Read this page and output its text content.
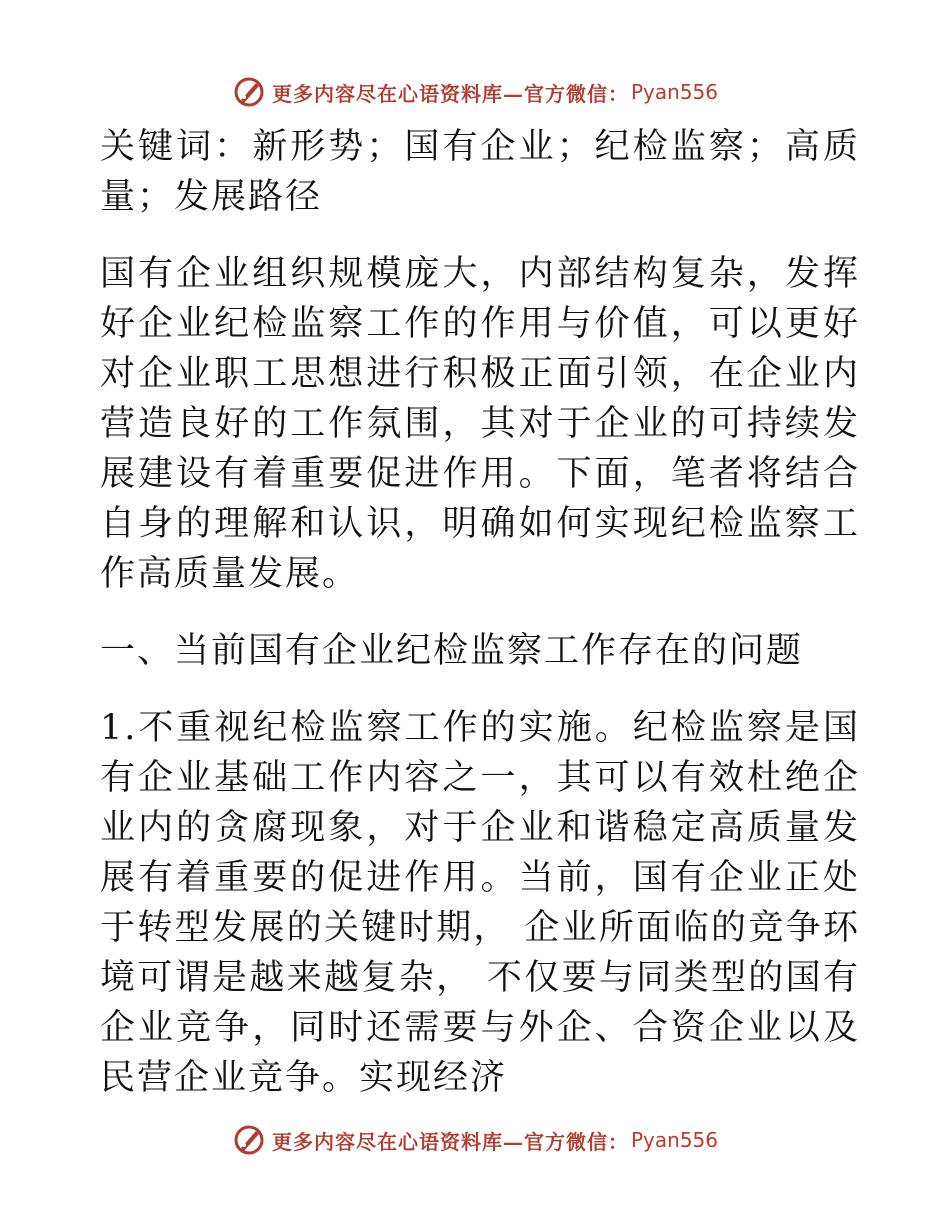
更多内容尽在心语资料库—官方微信： Pyan556

关键词：新形势；国有企业；纪检监察；高质量；发展路径

国有企业组织规模庞大，内部结构复杂，发挥好企业纪检监察工作的作用与价值，可以更好对企业职工思想进行积极正面引领，在企业内营造良好的工作氛围，其对于企业的可持续发展建设有着重要促进作用。下面，笔者将结合自身的理解和认识，明确如何实现纪检监察工作高质量发展。

一、当前国有企业纪检监察工作存在的问题

1.不重视纪检监察工作的实施。纪检监察是国有企业基础工作内容之一，其可以有效杜绝企业内的贪腐现象，对于企业和谐稳定高质量发展有着重要的促进作用。当前，国有企业正处于转型发展的关键时期， 企业所面临的竞争环境可谓是越来越复杂， 不仅要与同类型的国有企业竞争，同时还需要与外企、合资企业以及民营企业竞争。实现经济

更多内容尽在心语资料库—官方微信： Pyan556
